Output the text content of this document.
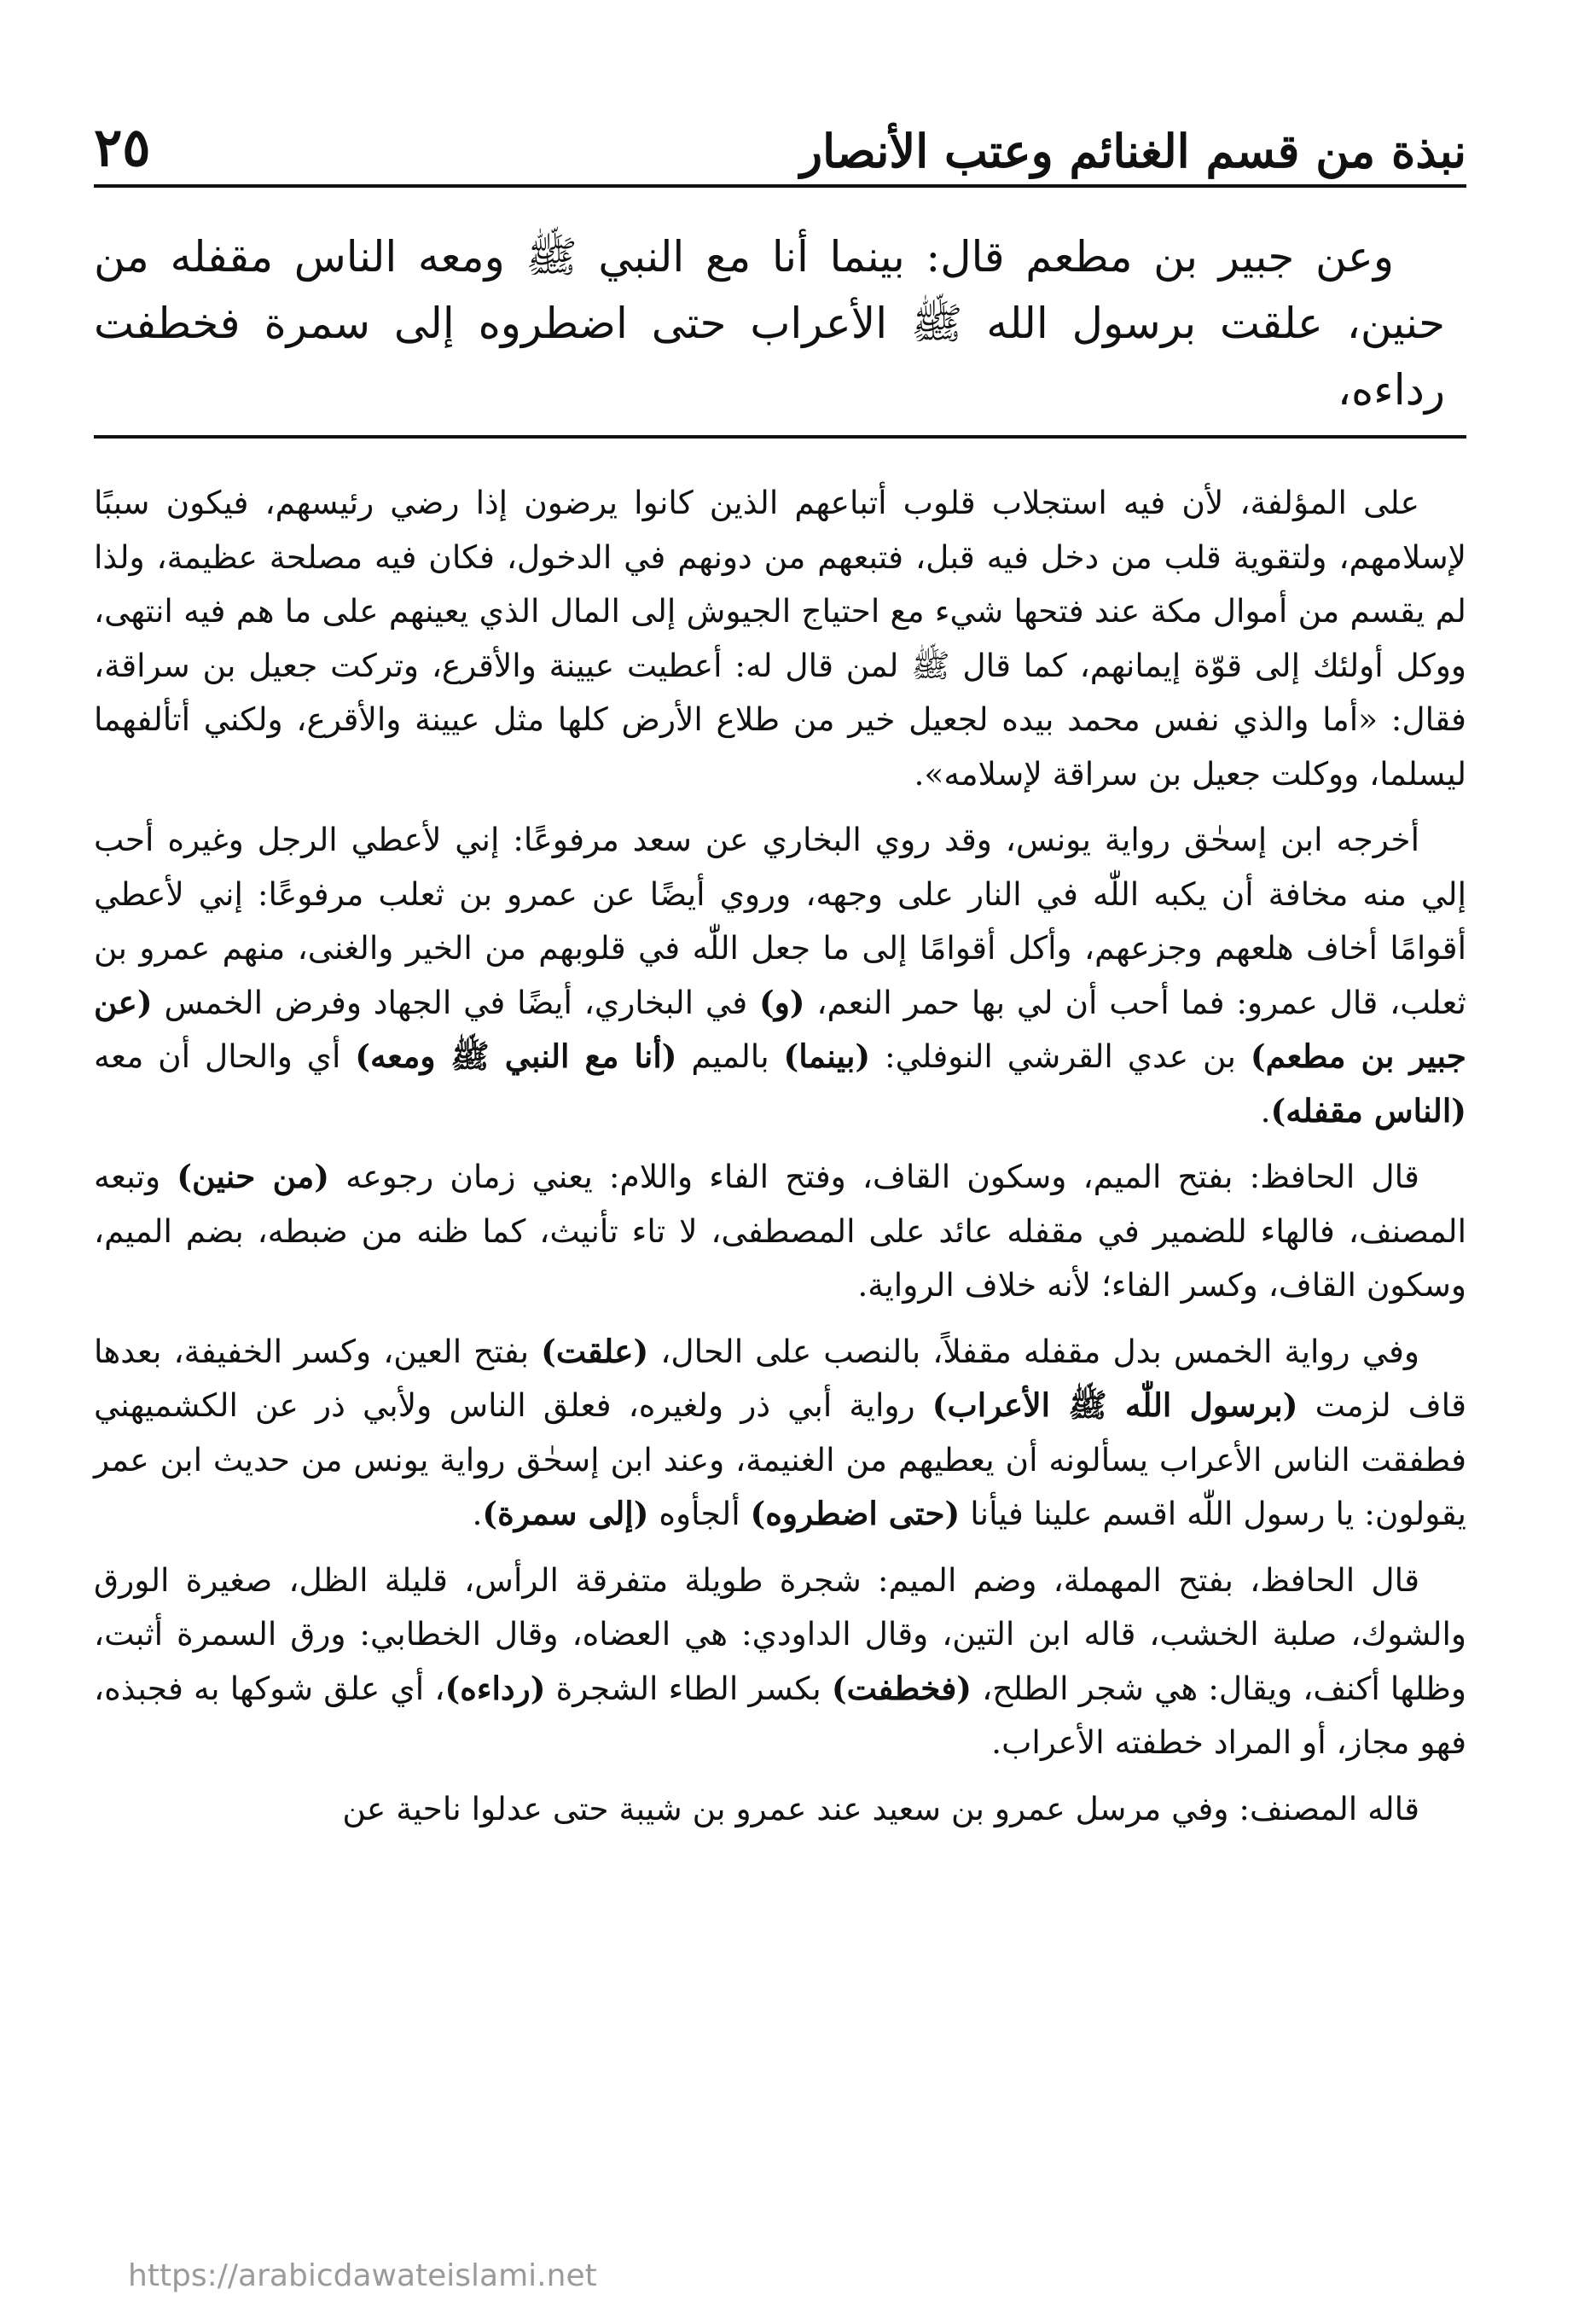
نبذة من قسم الغنائم وعتب الأنصار
٢٥
وعن جبير بن مطعم قال: بينما أنا مع النبي ﷺ ومعه الناس مقفله من حنين، علقت برسول الله ﷺ الأعراب حتى اضطروه إلى سمرة فخطفت رداءه،

على المؤلفة، لأن فيه استجلاب قلوب أتباعهم الذين كانوا يرضون إذا رضي رئيسهم، فيكون سببًا لإسلامهم، ولتقوية قلب من دخل فيه قبل، فتبعهم من دونهم في الدخول، فكان فيه مصلحة عظيمة، ولذا لم يقسم من أموال مكة عند فتحها شيء مع احتياج الجيوش إلى المال الذي يعينهم على ما هم فيه انتهى، ووكل أولئك إلى قوّة إيمانهم، كما قال ﷺ لمن قال له: أعطيت عيينة والأقرع، وتركت جعيل بن سراقة، فقال: «أما والذي نفس محمد بيده لجعيل خير من طلاع الأرض كلها مثل عيينة والأقرع، ولكني أتألفهما ليسلما، ووكلت جعيل بن سراقة لإسلامه».

أخرجه ابن إسحٰق رواية يونس، وقد روي البخاري عن سعد مرفوعًا: إني لأعطي الرجل وغيره أحب إلي منه مخافة أن يكبه اللّٰه في النار على وجهه، وروي أيضًا عن عمرو بن ثعلب مرفوعًا: إني لأعطي أقوامًا أخاف هلعهم وجزعهم، وأكل أقوامًا إلى ما جعل اللّٰه في قلوبهم من الخير والغنى، منهم عمرو بن ثعلب، قال عمرو: فما أحب أن لي بها حمر النعم، (و) في البخاري، أيضًا في الجهاد وفرض الخمس (عن جبير بن مطعم) بن عدي القرشي النوفلي: (بينما) بالميم (أنا مع النبي ﷺ ومعه) أي والحال أن معه (الناس مقفله).

قال الحافظ: بفتح الميم، وسكون القاف، وفتح الفاء واللام: يعني زمان رجوعه (من حنين) وتبعه المصنف، فالهاء للضمير في مقفله عائد على المصطفى، لا تاء تأنيث، كما ظنه من ضبطه، بضم الميم، وسكون القاف، وكسر الفاء؛ لأنه خلاف الرواية.

وفي رواية الخمس بدل مقفله مقفلاً، بالنصب على الحال، (علقت) بفتح العين، وكسر الخفيفة، بعدها قاف لزمت (برسول اللّٰه ﷺ الأعراب) رواية أبي ذر ولغيره، فعلق الناس ولأبي ذر عن الكشميهني فطفقت الناس الأعراب يسألونه أن يعطيهم من الغنيمة، وعند ابن إسحٰق رواية يونس من حديث ابن عمر يقولون: يا رسول اللّٰه اقسم علينا فيأنا (حتى اضطروه) ألجأوه (إلى سمرة).

قال الحافظ، بفتح المهملة، وضم الميم: شجرة طويلة متفرقة الرأس، قليلة الظل، صغيرة الورق والشوك، صلبة الخشب، قاله ابن التين، وقال الداودي: هي العضاه، وقال الخطابي: ورق السمرة أثبت، وظلها أكنف، ويقال: هي شجر الطلح، (فخطفت) بكسر الطاء الشجرة (رداءه)، أي علق شوكها به فجبذه، فهو مجاز، أو المراد خطفته الأعراب.

قاله المصنف: وفي مرسل عمرو بن سعيد عند عمرو بن شيبة حتى عدلوا ناحية عن

https://arabicdawateislami.net
